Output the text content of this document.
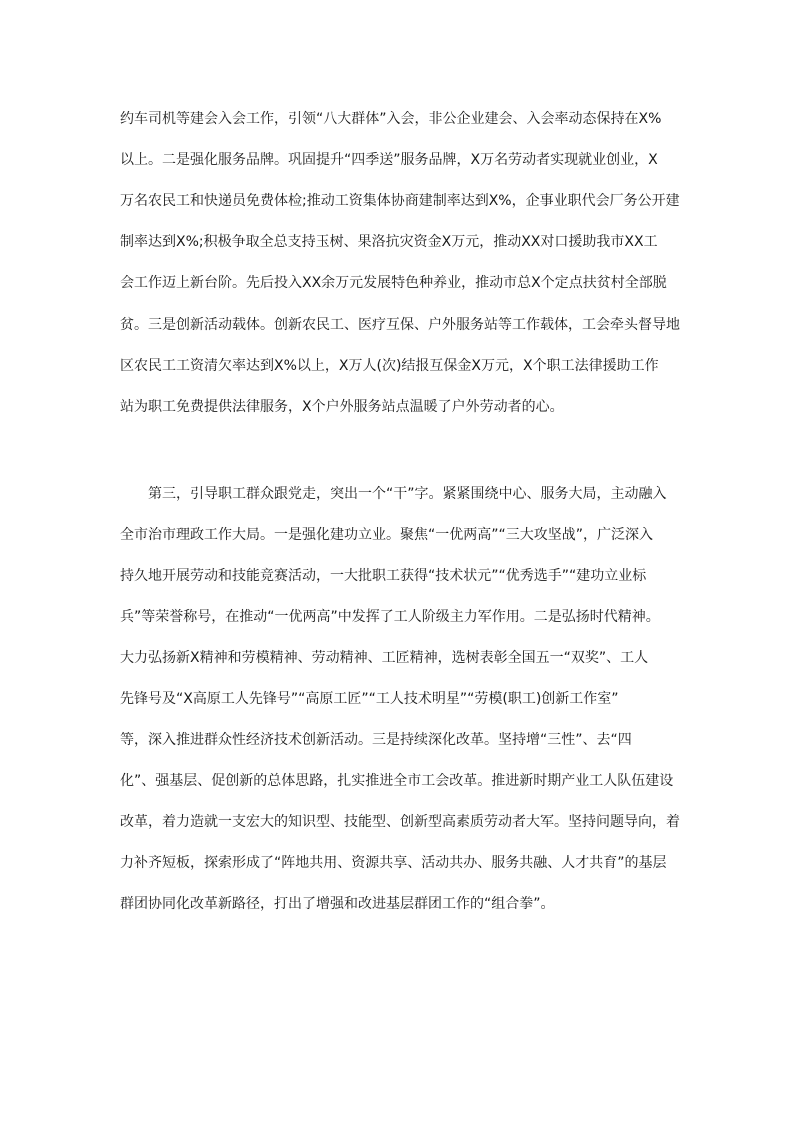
约车司机等建会入会工作，引领“八大群体”入会，非公企业建会、入会率动态保持在X%
以上。二是强化服务品牌。巩固提升“四季送”服务品牌，X万名劳动者实现就业创业，X
万名农民工和快递员免费体检;推动工资集体协商建制率达到X%，企事业职代会厂务公开建
制率达到X%;积极争取全总支持玉树、果洛抗灾资金X万元，推动XX对口援助我市XX工
会工作迈上新台阶。先后投入XX余万元发展特色种养业，推动市总X个定点扶贫村全部脱
贫。三是创新活动载体。创新农民工、医疗互保、户外服务站等工作载体，工会牵头督导地
区农民工工资清欠率达到X%以上，X万人(次)结报互保金X万元，X个职工法律援助工作
站为职工免费提供法律服务，X个户外服务站点温暖了户外劳动者的心。
第三，引导职工群众跟党走，突出一个“干”字。紧紧围绕中心、服务大局，主动融入
全市治市理政工作大局。一是强化建功立业。聚焦“一优两高”“三大攻坚战”，广泛深入
持久地开展劳动和技能竞赛活动，一大批职工获得“技术状元”“优秀选手”“建功立业标
兵”等荣誉称号，在推动“一优两高”中发挥了工人阶级主力军作用。二是弘扬时代精神。
大力弘扬新X精神和劳模精神、劳动精神、工匠精神，选树表彰全国五一“双奖”、工人
先锋号及“X高原工人先锋号”“高原工匠”“工人技术明星”“劳模(职工)创新工作室”
等，深入推进群众性经济技术创新活动。三是持续深化改革。坚持增“三性”、去“四
化”、强基层、促创新的总体思路，扎实推进全市工会改革。推进新时期产业工人队伍建设
改革，着力造就一支宏大的知识型、技能型、创新型高素质劳动者大军。坚持问题导向，着
力补齐短板，探索形成了“阵地共用、资源共享、活动共办、服务共融、人才共育”的基层
群团协同化改革新路径，打出了增强和改进基层群团工作的“组合拳”。
